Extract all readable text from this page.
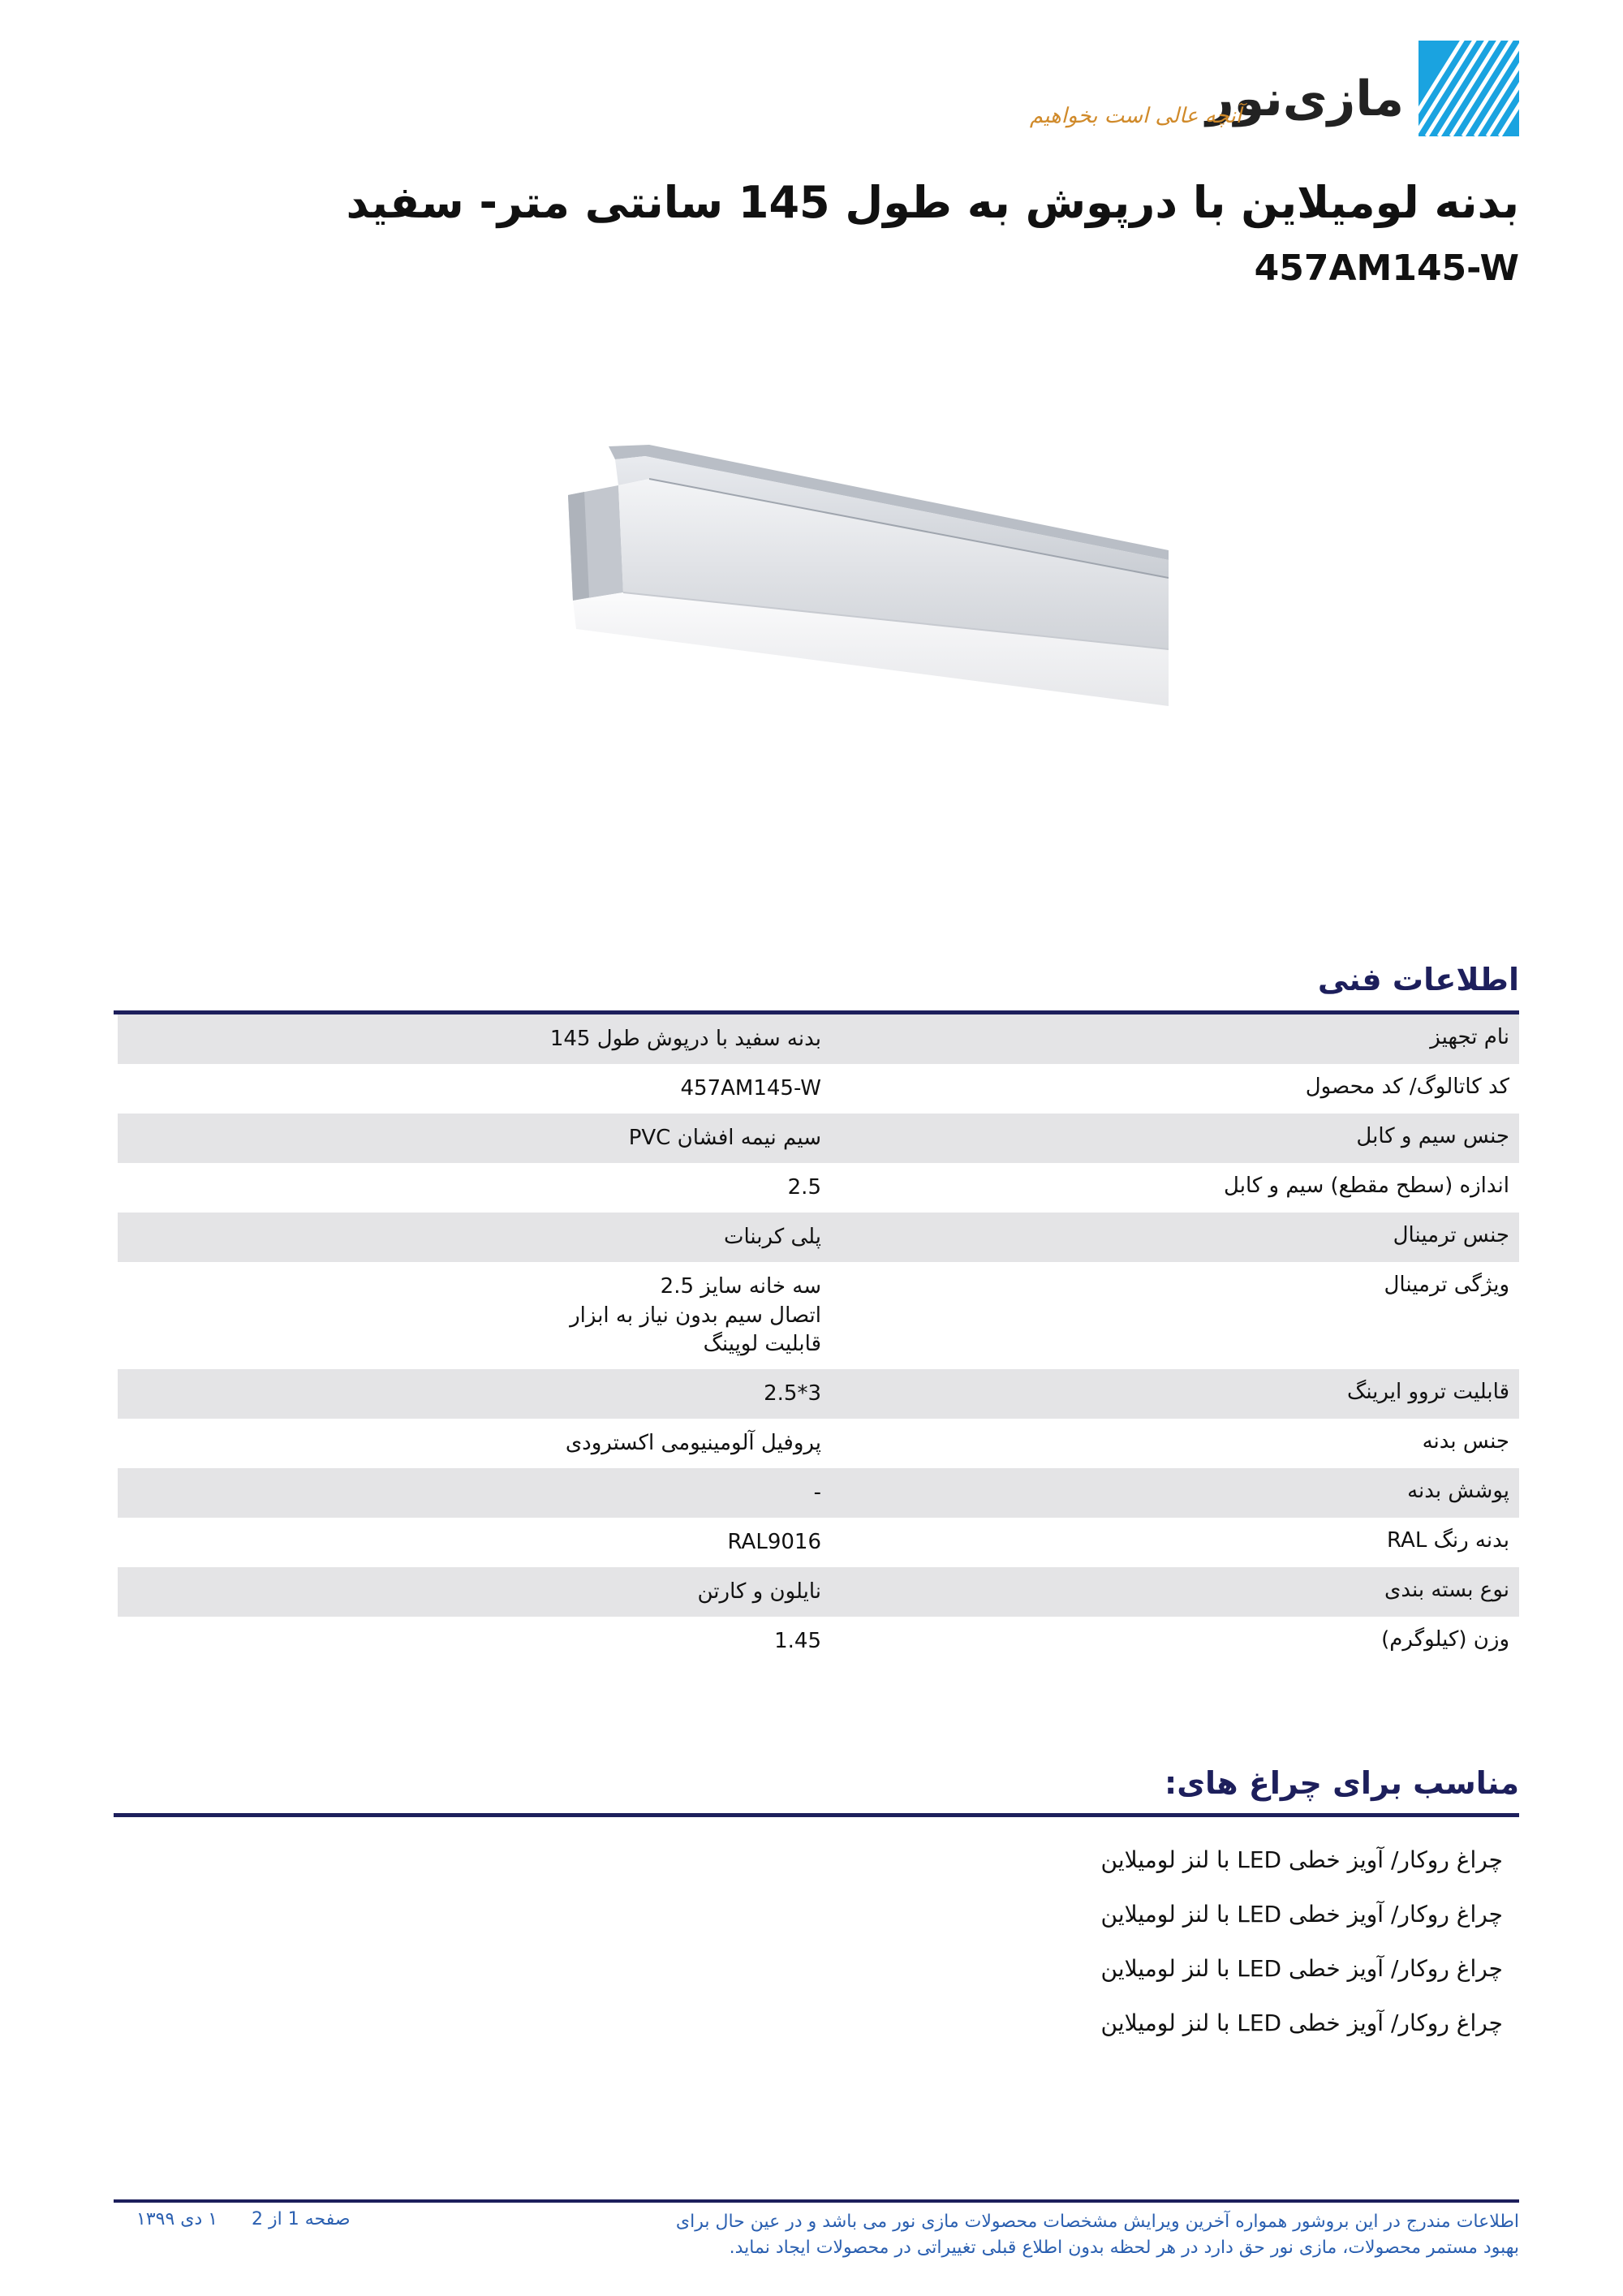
مازی‌نور
آنچه عالی است بخواهیم
بدنه لومیلاین با درپوش به طول 145 سانتی متر- سفید
457AM145-W
اطلاعات فنی
نام تجهیز
بدنه سفید با درپوش طول 145
کد کاتالوگ/ کد محصول
457AM145-W
جنس سیم و کابل
سیم نیمه افشان PVC
اندازه (سطح مقطع) سیم و کابل
2.5
جنس ترمینال
پلی کربنات
ویژگی ترمینال
سه خانه سایز 2.5
اتصال سیم بدون نیاز به ابزار
قابلیت لوپینگ
قابلیت تروو ایرینگ
3*2.5
جنس بدنه
پروفیل آلومینیومی اکسترودی
پوشش بدنه
-
بدنه رنگ RAL
RAL9016
نوع بسته بندی
نایلون و کارتن
وزن (کیلوگرم)
1.45
مناسب برای چراغ های:
چراغ روکار/ آویز خطی LED با لنز لومیلاین
چراغ روکار/ آویز خطی LED با لنز لومیلاین
چراغ روکار/ آویز خطی LED با لنز لومیلاین
چراغ روکار/ آویز خطی LED با لنز لومیلاین
اطلاعات مندرج در این بروشور همواره آخرین ویرایش مشخصات محصولات مازی نور می باشد و در عین حال برای بهبود مستمر محصولات، مازی نور حق دارد در هر لحظه بدون اطلاع قبلی تغییراتی در محصولات ایجاد نماید.
صفحه 1 از 2
۱ دی ۱۳۹۹
